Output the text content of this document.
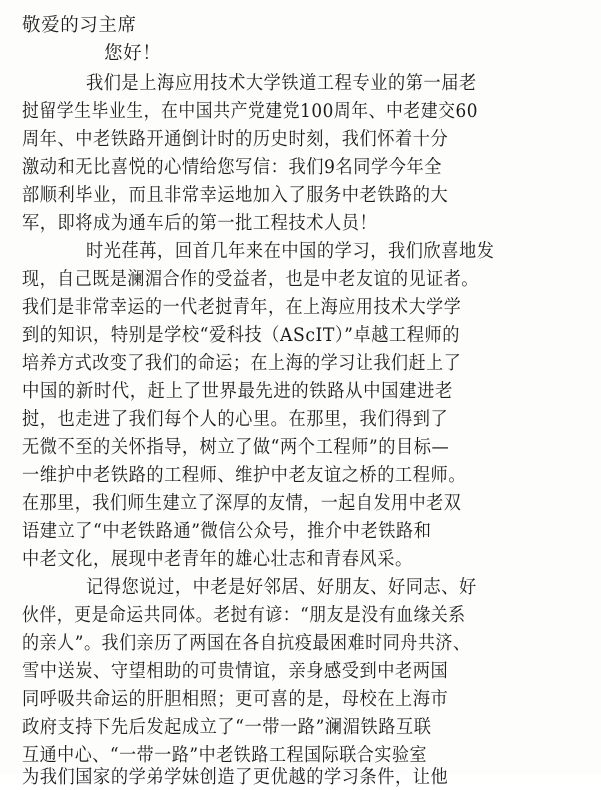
敬爱的习主席
您好！
我们是上海应用技术大学铁道工程专业的第一届老
挝留学生毕业生，在中国共产党建党100周年、中老建交60
周年、中老铁路开通倒计时的历史时刻，我们怀着十分
激动和无比喜悦的心情给您写信：我们9名同学今年全
部顺利毕业，而且非常幸运地加入了服务中老铁路的大
军，即将成为通车后的第一批工程技术人员！
时光荏苒，回首几年来在中国的学习，我们欣喜地发
现，自己既是澜湄合作的受益者，也是中老友谊的见证者。
我们是非常幸运的一代老挝青年，在上海应用技术大学学
到的知识，特别是学校“爱科技（AScIT）”卓越工程师的
培养方式改变了我们的命运；在上海的学习让我们赶上了
中国的新时代，赶上了世界最先进的铁路从中国建进老
挝，也走进了我们每个人的心里。在那里，我们得到了
无微不至的关怀指导，树立了做“两个工程师”的目标—
一维护中老铁路的工程师、维护中老友谊之桥的工程师。
在那里，我们师生建立了深厚的友情，一起自发用中老双
语建立了“中老铁路通”微信公众号，推介中老铁路和
中老文化，展现中老青年的雄心壮志和青春风采。
记得您说过，中老是好邻居、好朋友、好同志、好
伙伴，更是命运共同体。老挝有谚：“朋友是没有血缘关系
的亲人”。我们亲历了两国在各自抗疫最困难时同舟共济、
雪中送炭、守望相助的可贵情谊，亲身感受到中老两国
同呼吸共命运的肝胆相照；更可喜的是，母校在上海市
政府支持下先后发起成立了“一带一路”澜湄铁路互联
互通中心、“一带一路”中老铁路工程国际联合实验室
为我们国家的学弟学妹创造了更优越的学习条件，让他
